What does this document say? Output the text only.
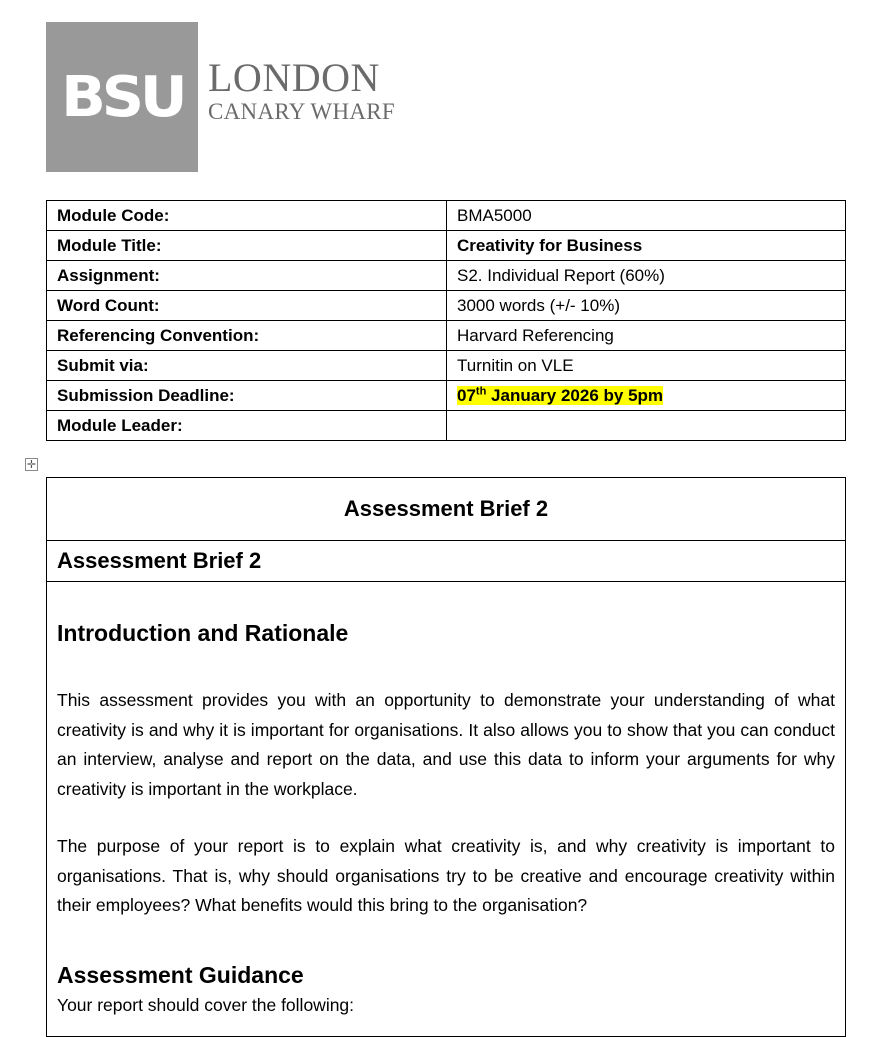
BSU LONDON
CANARY WHARF
Module Code:	BMA5000
Module Title:	Creativity for Business
Assignment:	S2. Individual Report (60%)
Word Count:	3000 words (+/- 10%)
Referencing Convention:	Harvard Referencing
Submit via:	Turnitin on VLE
Submission Deadline:	07th January 2026 by 5pm
Module Leader:	
✛
Assessment Brief 2
Assessment Brief 2
Introduction and Rationale

This assessment provides you with an opportunity to demonstrate your understanding of what creativity is and why it is important for organisations. It also allows you to show that you can conduct an interview, analyse and report on the data, and use this data to inform your arguments for why creativity is important in the workplace.

The purpose of your report is to explain what creativity is, and why creativity is important to organisations. That is, why should organisations try to be creative and encourage creativity within their employees? What benefits would this bring to the organisation?

Assessment Guidance

Your report should cover the following:
